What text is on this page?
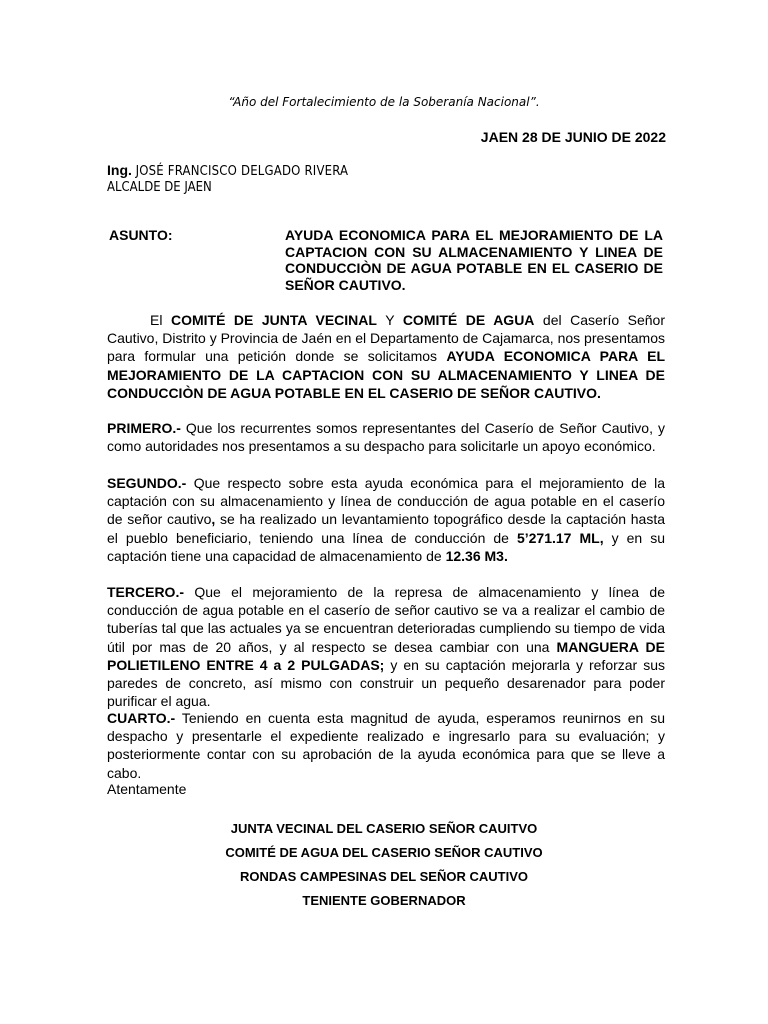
“Año del Fortalecimiento de la Soberanía Nacional”.
JAEN 28 DE JUNIO DE 2022
Ing. JOSÉ FRANCISCO DELGADO RIVERA
ALCALDE DE JAEN
ASUNTO:	AYUDA ECONOMICA PARA EL MEJORAMIENTO DE LA CAPTACION CON SU ALMACENAMIENTO Y LINEA DE CONDUCCIÒN DE AGUA POTABLE EN EL CASERIO DE SEÑOR CAUTIVO.
El COMITÉ DE JUNTA VECINAL Y COMITÉ DE AGUA del Caserío Señor Cautivo, Distrito y Provincia de Jaén en el Departamento de Cajamarca, nos presentamos para formular una petición donde se solicitamos AYUDA ECONOMICA PARA EL MEJORAMIENTO DE LA CAPTACION CON SU ALMACENAMIENTO Y LINEA DE CONDUCCIÒN DE AGUA POTABLE EN EL CASERIO DE SEÑOR CAUTIVO.
PRIMERO.- Que los recurrentes somos representantes del Caserío de Señor Cautivo, y como autoridades nos presentamos a su despacho para solicitarle un apoyo económico.
SEGUNDO.- Que respecto sobre esta ayuda económica para el mejoramiento de la captación con su almacenamiento y línea de conducción de agua potable en el caserío de señor cautivo, se ha realizado un levantamiento topográfico desde la captación hasta el pueblo beneficiario, teniendo una línea de conducción de 5’271.17 ML, y en su captación tiene una capacidad de almacenamiento de 12.36 M3.
TERCERO.- Que el mejoramiento de la represa de almacenamiento y línea de conducción de agua potable en el caserío de señor cautivo se va a realizar el cambio de tuberías tal que las actuales ya se encuentran deterioradas cumpliendo su tiempo de vida útil por mas de 20 años, y al respecto se desea cambiar con una MANGUERA DE POLIETILENO ENTRE 4 a 2 PULGADAS; y en su captación mejorarla y reforzar sus paredes de concreto, así mismo con construir un pequeño desarenador para poder purificar el agua.
CUARTO.- Teniendo en cuenta esta magnitud de ayuda, esperamos reunirnos en su despacho y presentarle el expediente realizado e ingresarlo para su evaluación; y posteriormente contar con su aprobación de la ayuda económica para que se lleve a cabo.
Atentamente
JUNTA VECINAL DEL CASERIO SEÑOR CAUITVO
COMITÉ DE AGUA DEL CASERIO SEÑOR CAUTIVO
RONDAS CAMPESINAS DEL SEÑOR CAUTIVO
TENIENTE GOBERNADOR
